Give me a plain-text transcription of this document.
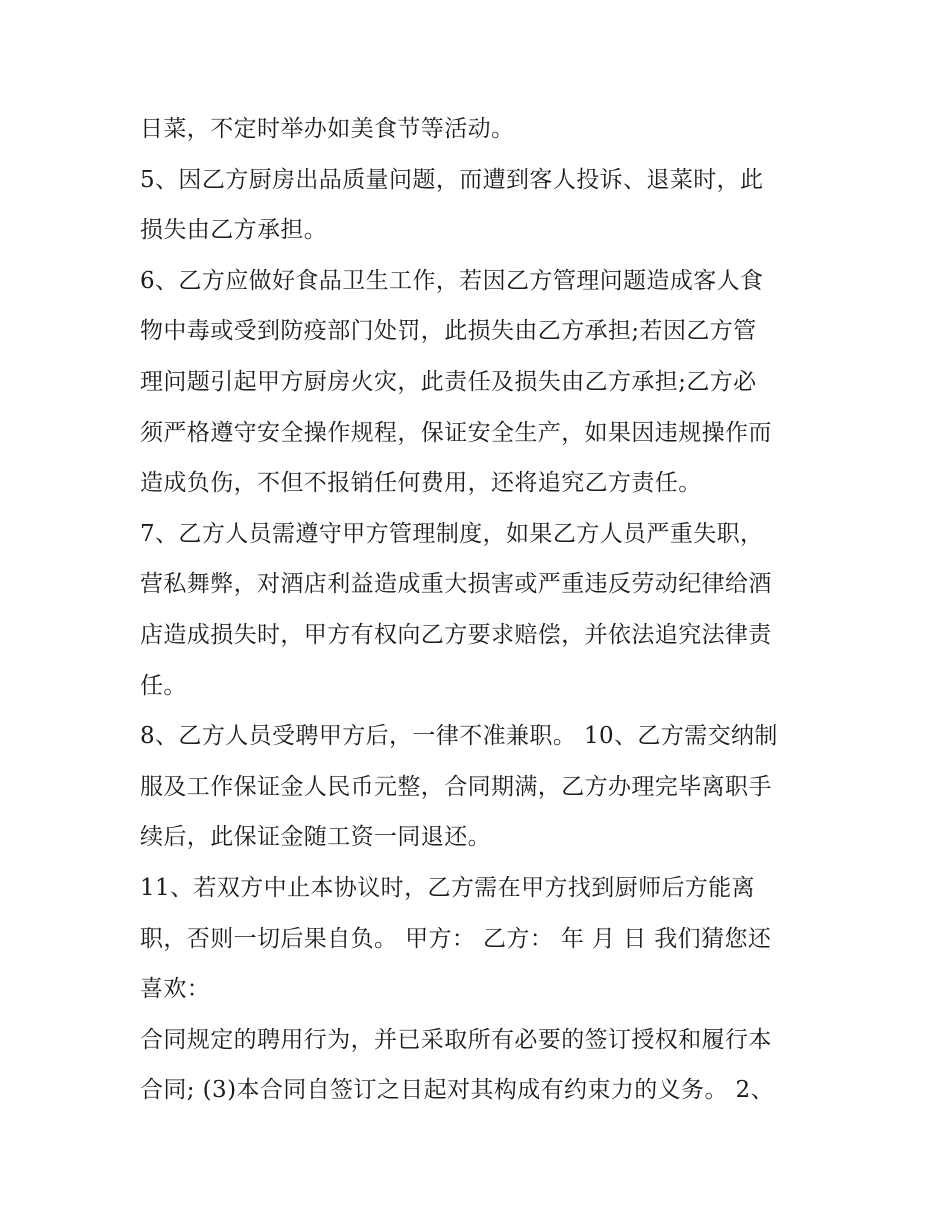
日菜，不定时举办如美食节等活动。
5、因乙方厨房出品质量问题，而遭到客人投诉、退菜时，此
损失由乙方承担。
6、乙方应做好食品卫生工作，若因乙方管理问题造成客人食
物中毒或受到防疫部门处罚，此损失由乙方承担;若因乙方管
理问题引起甲方厨房火灾，此责任及损失由乙方承担;乙方必
须严格遵守安全操作规程，保证安全生产，如果因违规操作而
造成负伤，不但不报销任何费用，还将追究乙方责任。
7、乙方人员需遵守甲方管理制度，如果乙方人员严重失职，
营私舞弊，对酒店利益造成重大损害或严重违反劳动纪律给酒
店造成损失时，甲方有权向乙方要求赔偿，并依法追究法律责
任。
8、乙方人员受聘甲方后，一律不准兼职。 10、乙方需交纳制
服及工作保证金人民币元整，合同期满，乙方办理完毕离职手
续后，此保证金随工资一同退还。
11、若双方中止本协议时，乙方需在甲方找到厨师后方能离
职，否则一切后果自负。 甲方： 乙方： 年 月 日 我们猜您还
喜欢：
合同规定的聘用行为，并已采取所有必要的签订授权和履行本
合同; (3)本合同自签订之日起对其构成有约束力的义务。 2、
